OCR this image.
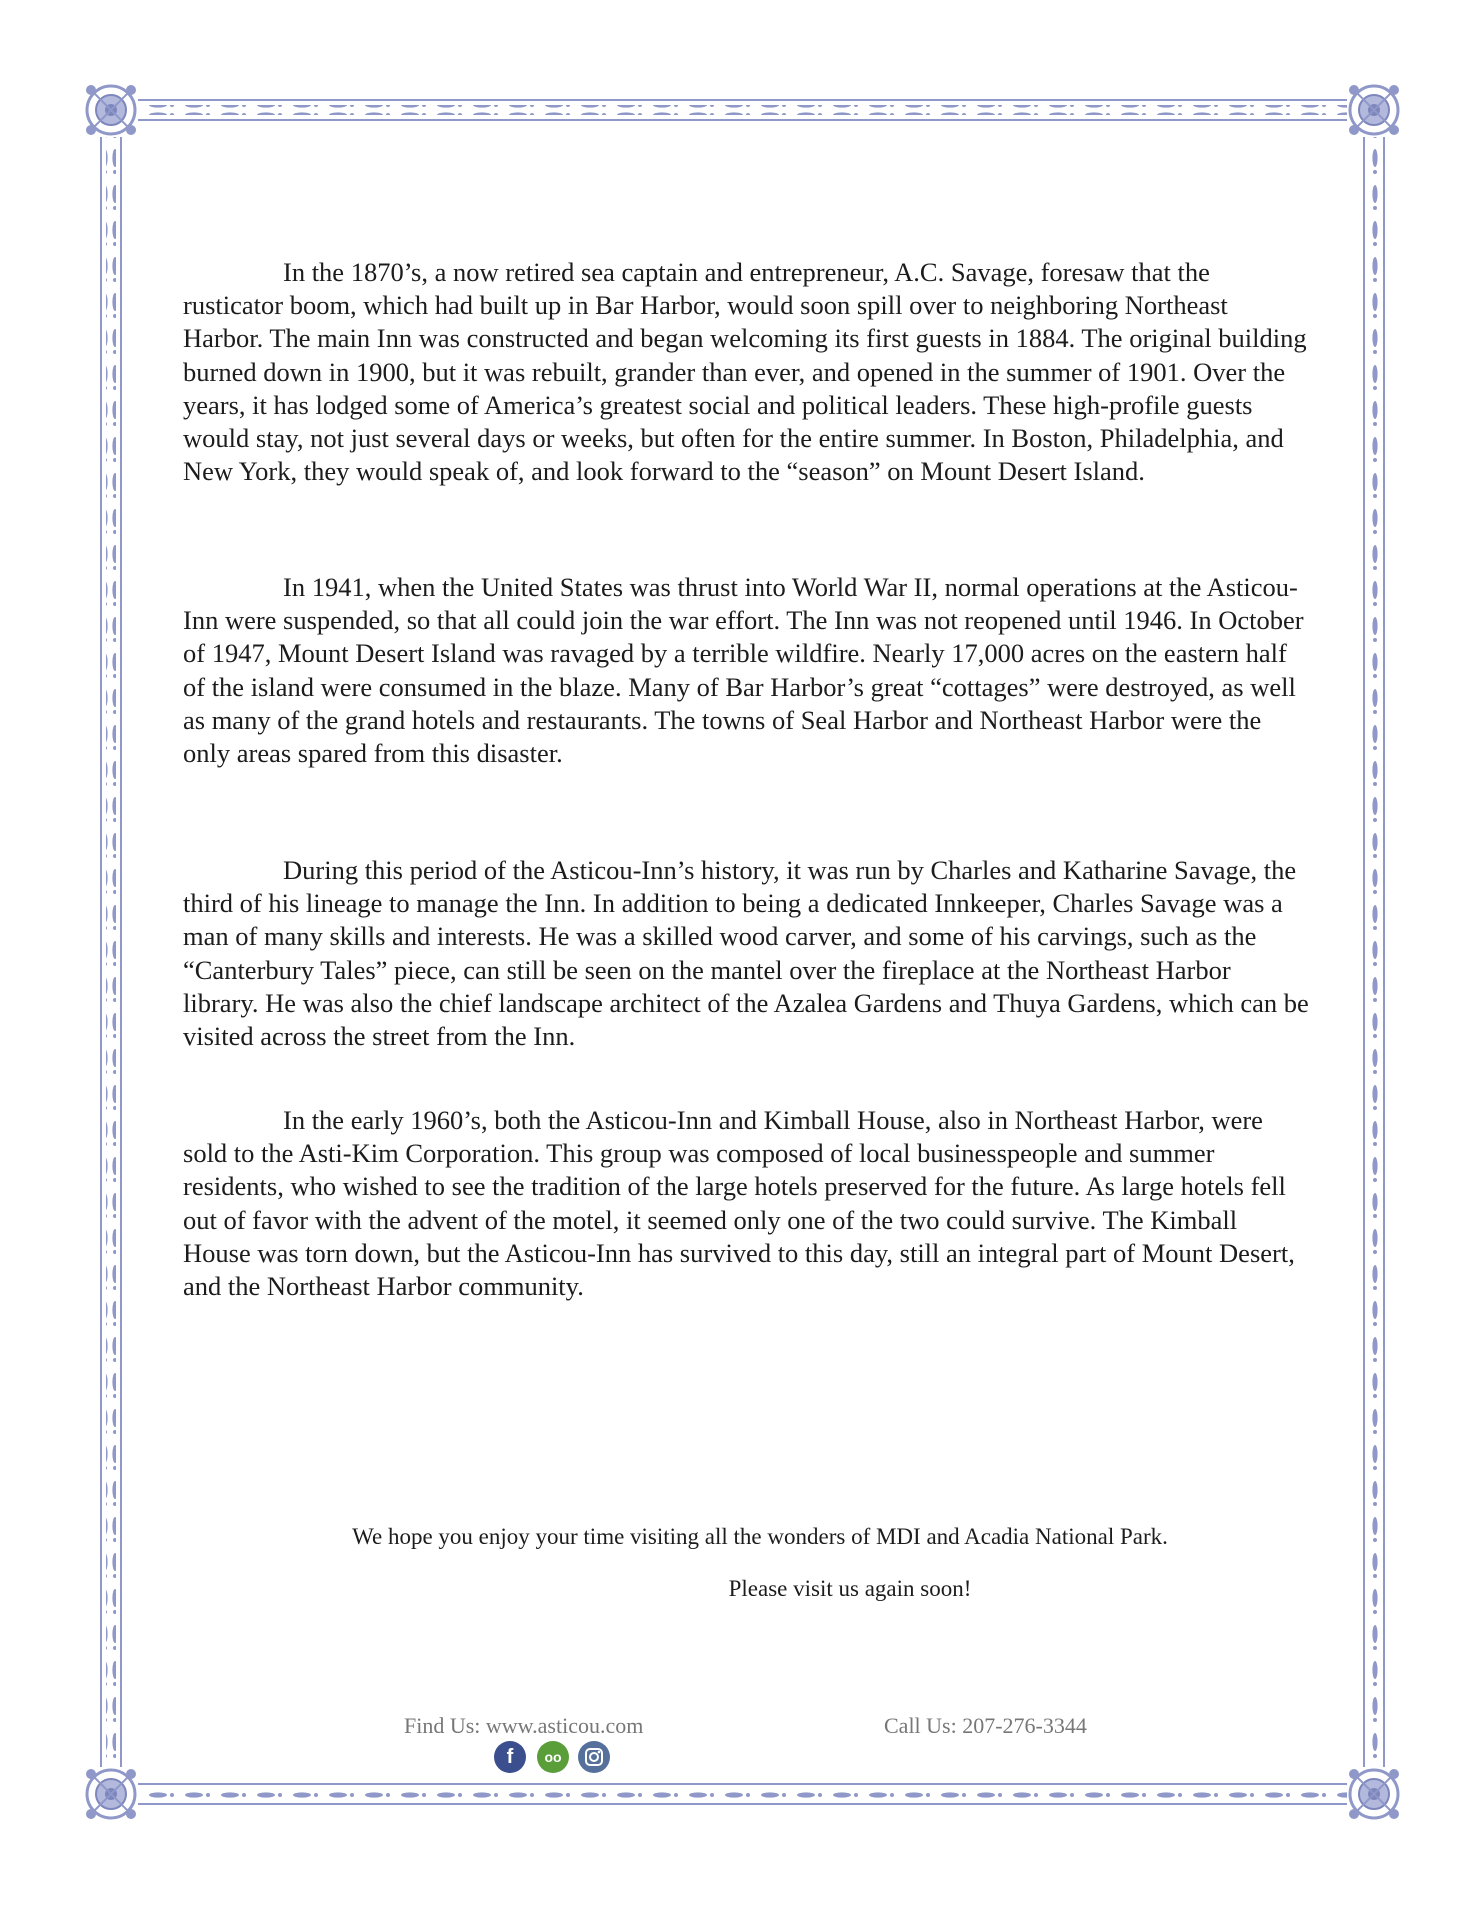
In the 1870’s, a now retired sea captain and entrepreneur, A.C. Savage, foresaw that the rusticator boom, which had built up in Bar Harbor, would soon spill over to neighboring Northeast Harbor. The main Inn was constructed and began welcoming its first guests in 1884. The original building burned down in 1900, but it was rebuilt, grander than ever, and opened in the summer of 1901. Over the years, it has lodged some of America’s greatest social and political leaders. These high-profile guests would stay, not just several days or weeks, but often for the entire summer. In Boston, Philadelphia, and New York, they would speak of, and look forward to the “season” on Mount Desert Island.

In 1941, when the United States was thrust into World War II, normal operations at the Asticou-Inn were suspended, so that all could join the war effort. The Inn was not reopened until 1946. In October of 1947, Mount Desert Island was ravaged by a terrible wildfire. Nearly 17,000 acres on the eastern half of the island were consumed in the blaze. Many of Bar Harbor’s great “cottages” were destroyed, as well as many of the grand hotels and restaurants. The towns of Seal Harbor and Northeast Harbor were the only areas spared from this disaster.

During this period of the Asticou-Inn’s history, it was run by Charles and Katharine Savage, the third of his lineage to manage the Inn. In addition to being a dedicated Innkeeper, Charles Savage was a man of many skills and interests. He was a skilled wood carver, and some of his carvings, such as the “Canterbury Tales” piece, can still be seen on the mantel over the fireplace at the Northeast Harbor library. He was also the chief landscape architect of the Azalea Gardens and Thuya Gardens, which can be visited across the street from the Inn.

In the early 1960’s, both the Asticou-Inn and Kimball House, also in Northeast Harbor, were sold to the Asti-Kim Corporation. This group was composed of local businesspeople and summer residents, who wished to see the tradition of the large hotels preserved for the future. As large hotels fell out of favor with the advent of the motel, it seemed only one of the two could survive. The Kimball House was torn down, but the Asticou-Inn has survived to this day, still an integral part of Mount Desert, and the Northeast Harbor community.

We hope you enjoy your time visiting all the wonders of MDI and Acadia National Park.

Please visit us again soon!

Find Us: www.asticou.com	Call Us: 207-276-3344

f	oo
